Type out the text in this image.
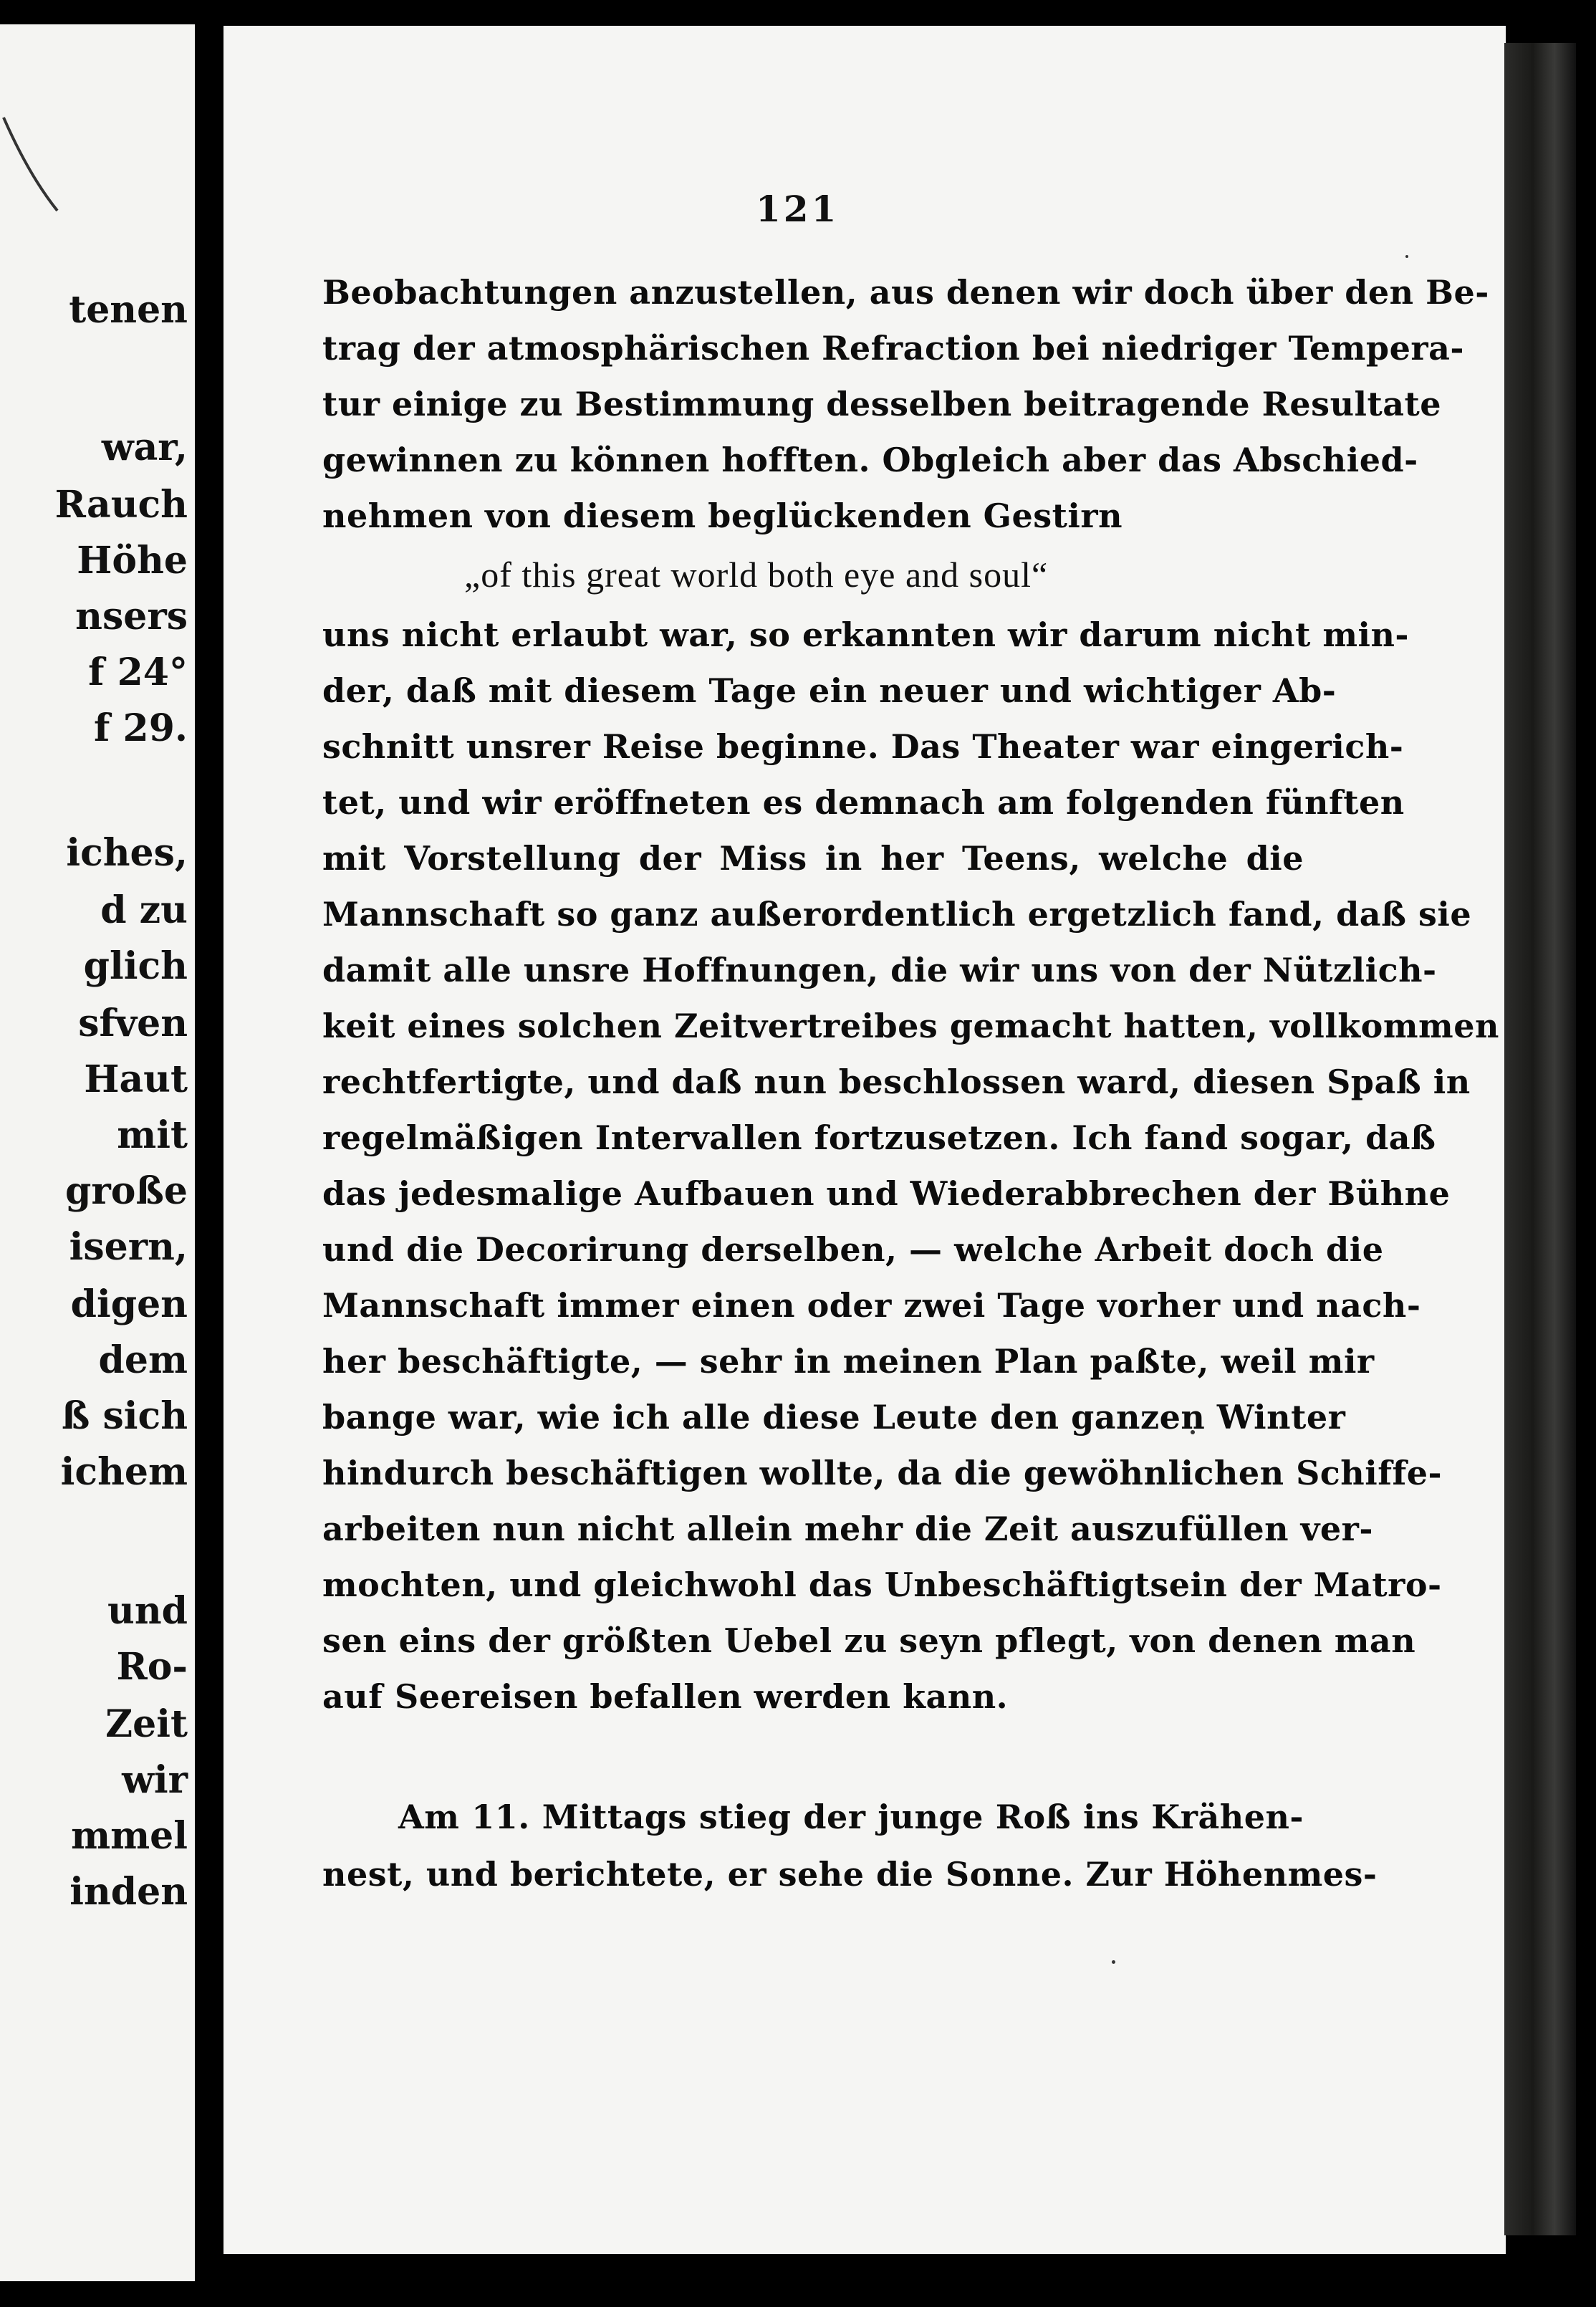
tenen
war,
Rauch
Höhe
nsers
f 24°
f 29.
iches,
d zu
glich
sfven
Haut
mit
große
isern,
digen
dem
ß sich
ichem
und
Ro-
Zeit
wir
mmel
inden
121
Beobachtungen anzustellen, aus denen wir doch über den Be-
trag der atmosphärischen Refraction bei niedriger Tempera-
tur einige zu Bestimmung desselben beitragende Resultate
gewinnen zu können hofften. Obgleich aber das Abschied-
nehmen von diesem beglückenden Gestirn
„of this great world both eye and soul“
uns nicht erlaubt war, so erkannten wir darum nicht min-
der, daß mit diesem Tage ein neuer und wichtiger Ab-
schnitt unsrer Reise beginne. Das Theater war eingerich-
tet, und wir eröffneten es demnach am folgenden fünften
mit Vorstellung der Miss in her Teens, welche die
Mannschaft so ganz außerordentlich ergetzlich fand, daß sie
damit alle unsre Hoffnungen, die wir uns von der Nützlich-
keit eines solchen Zeitvertreibes gemacht hatten, vollkommen
rechtfertigte, und daß nun beschlossen ward, diesen Spaß in
regelmäßigen Intervallen fortzusetzen. Ich fand sogar, daß
das jedesmalige Aufbauen und Wiederabbrechen der Bühne
und die Decorirung derselben, — welche Arbeit doch die
Mannschaft immer einen oder zwei Tage vorher und nach-
her beschäftigte, — sehr in meinen Plan paßte, weil mir
bange war, wie ich alle diese Leute den ganzen Winter
hindurch beschäftigen wollte, da die gewöhnlichen Schiffe-
arbeiten nun nicht allein mehr die Zeit auszufüllen ver-
mochten, und gleichwohl das Unbeschäftigtsein der Matro-
sen eins der größten Uebel zu seyn pflegt, von denen man
auf Seereisen befallen werden kann.
Am 11. Mittags stieg der junge Roß ins Krähen-
nest, und berichtete, er sehe die Sonne. Zur Höhenmes-
